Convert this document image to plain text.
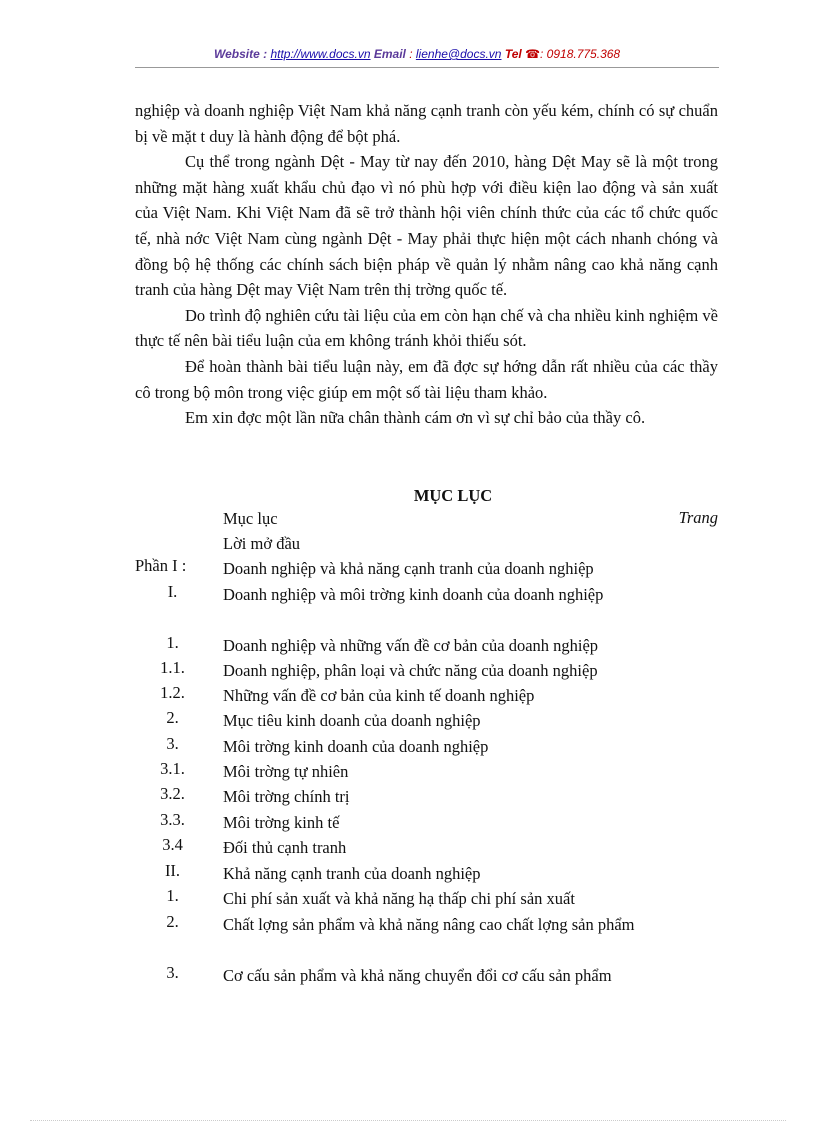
Website : http://www.docs.vn Email : lienhe@docs.vn Tel ☎: 0918.775.368

nghiệp và doanh nghiệp Việt Nam khả năng cạnh tranh còn yếu kém, chính có sự chuẩn bị về mặt t duy là hành động để bột phá.

Cụ thể trong ngành Dệt - May từ nay đến 2010, hàng Dệt May sẽ là một trong những mặt hàng xuất khẩu chủ đạo vì nó phù hợp với điều kiện lao động và sản xuất của Việt Nam. Khi Việt Nam đã sẽ trở thành hội viên chính thức của các tổ chức quốc tế, nhà nớc Việt Nam cùng ngành Dệt - May phải thực hiện một cách nhanh chóng và đồng bộ hệ thống các chính sách biện pháp về quản lý nhằm nâng cao khả năng cạnh tranh của hàng Dệt may Việt Nam trên thị trờng quốc tế.

Do trình độ nghiên cứu tài liệu của em còn hạn chế và cha nhiều kinh nghiệm về thực tế nên bài tiểu luận của em không tránh khỏi thiếu sót.

Để hoàn thành bài tiểu luận này, em đã đợc sự hớng dẫn rất nhiều của các thầy cô trong bộ môn trong việc giúp em một số tài liệu tham khảo.

Em xin đợc một lần nữa chân thành cám ơn vì sự chỉ bảo của thầy cô.

MỤC LỤC
Trang
Mục lục
Lời mở đầu
Phần I :	Doanh nghiệp và khả năng cạnh tranh của doanh nghiệp
I.	Doanh nghiệp và môi trờng kinh doanh của doanh nghiệp
1.	Doanh nghiệp và những vấn đề cơ bản của doanh nghiệp
1.1.	Doanh nghiệp, phân loại và chức năng của doanh nghiệp
1.2.	Những vấn đề cơ bản của kinh tế doanh nghiệp
2.	Mục tiêu kinh doanh của doanh nghiệp
3.	Môi trờng kinh doanh của doanh nghiệp
3.1.	Môi trờng tự nhiên
3.2.	Môi trờng chính trị
3.3.	Môi trờng kinh tế
3.4	Đối thủ cạnh tranh
II.	Khả năng cạnh tranh của doanh nghiệp
1.	Chi phí sản xuất và khả năng hạ thấp chi phí sản xuất
2.	Chất lợng sản phẩm và khả năng nâng cao chất lợng sản phẩm
3.	Cơ cấu sản phẩm và khả năng chuyển đổi cơ cấu sản phẩm
